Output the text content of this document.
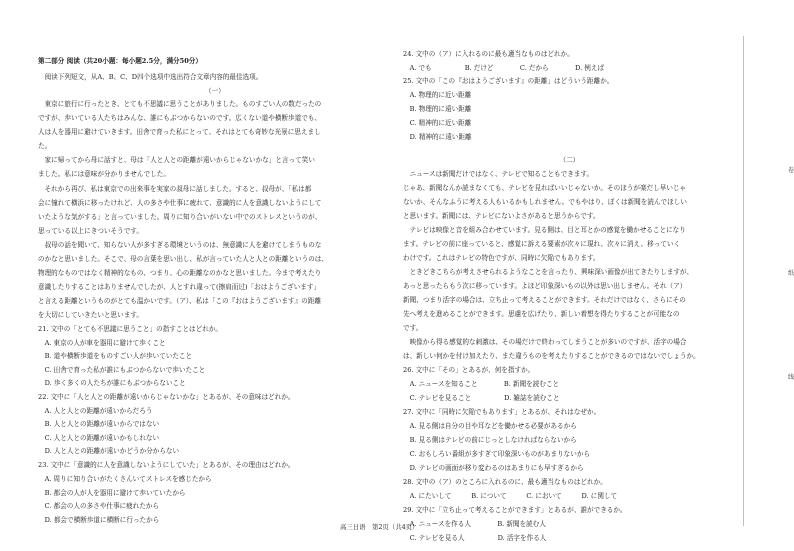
第二部分 阅读（共20小题：每小题2.5分，满分50分）
　阅读下列短文，从A、B、C、D四个选项中选出符合文章内容的最佳选项。
（一）
　東京に旅行に行ったとき、とても不思議に思うことがありました。ものすごい人の数だったの
ですが、歩いている人たちはみんな、誰にもぶつからないのです。広くない道や横断歩道でも、
人は人を器用に避けていきます。田舎で育った私にとって、それはとても奇妙な光景に思えまし
た。
　家に帰ってから母に話すと、母は「人と人との距離が遠いからじゃないかな」と言って笑い
ました。私には意味が分かりませんでした。
　それから再び、私は東京での出来事を実家の叔母に話しました。すると、叔母が、「私は都
会に憧れて横浜に移ったけれど、人の多さや仕事に疲れて、意識的に人を意識しないようにして
いたような気がする」と言っていました。周りに知り合いがいない中でのストレスというのが、
思っている以上にきついそうです。
　叔母の話を聞いて、知らない人が多すぎる環境というのは、無意識に人を避けてしまうものな
のかなと思いました。そこで、母の言葉を思い出し、私が言っていた人と人との距離というのは、
物理的なものではなく精神的なもの、つまり、心の距離なのかなと思いました。今まで考えたり
意識したりすることはありませんでしたが、人とすれ違って(擦肩而过)「おはようございます」
と言える距離というものがとても温かいです。（ア）、私は「この『おはようございます』の距離
を大切にしていきたいと思います。
21. 文中の「とても不思議に思うこと」の指すことはどれか。
　A. 東京の人が車を器用に避けて歩くこと
　B. 道や横断歩道をものすごい人が歩いていたこと
　C. 田舎で育った私が誰にもぶつからないで歩いたこと
　D. 歩く多くの人たちが誰にもぶつからないこと
22. 文中に「人と人との距離が遠いからじゃないかな」とあるが、その意味はどれか。
　A. 人と人との距離が遠いからだろう
　B. 人と人との距離が遠いからではない
　C. 人と人との距離が遠いかもしれない
　D. 人と人との距離が遠いかどうか分からない
23. 文中に「意識的に人を意識しないようにしていた」とあるが、その理由はどれか。
　A. 周りに知り合いがたくさんいてストレスを感じたから
　B. 都会の人が人を器用に避けて歩いていたから
　C. 都会の人の多さや仕事に疲れたから
　D. 都会で横断歩道に横断に行ったから
24. 文中の（ア）に入れるのに最も適当なものはどれか。
　A. でも　　　　　B. だけど　　　　C. だから　　　　D. 例えば
25. 文中の「この『おはようございます』の距離」はどういう距離か。
　A. 物理的に近い距離
　B. 物理的に遠い距離
　C. 精神的に近い距離
　D. 精神的に遠い距離
（二）
　ニュースは新聞だけではなく、テレビで知ることもできます。
じゃあ、新聞なんか読まなくても、テレビを見ればいいじゃないか。そのほうが楽だし早いじゃ
ないか、そんなふうに考える人もいるかもしれません。でもやはり、ぼくは新聞を読んでほしい
と思います。新聞には、テレビにないよさがあると思うからです。
　テレビは映像と音を組み合わせています。見る側は、目と耳とかの感覚を働かせることになり
ます。テレビの前に座っていると、感覚に訴える要素が次々に現れ、次々に消え、移っていく
わけです。これはテレビの特色ですが、同時に欠陥でもあります。
　ときどきこちらが考えさせられるようなことを言ったり、興味深い画像が出てきたりしますが、
あっと思ったらもう次に移っています。よほど印象深いもの以外は思い出しません。それ（ア）
新聞、つまり活字の場合は、立ち止って考えることができます。それだけではなく、さらにその
先へ考えを進めることができます。思慮を広げたり、新しい着想を得たりすることが可能なの
です。
　映像から得る感覚的な刺激は、その場だけで終わってしまうことが多いのですが、活字の場合
は、新しい何かを付け加えたり、また違うものを考えたりすることができるのではないでしょうか。
26. 文中に「その」とあるが、何を指すか。
　A. ニュースを知ること　　　　B. 新聞を読むこと
　C. テレビを見ること　　　　　D. 雑誌を読むこと
27. 文中に「同時に欠陥でもあります」とあるが、それはなぜか。
　A. 見る側は自分の目や耳などを働かせる必要があるから
　B. 見る側はテレビの前にじっとしなければならないから
　C. おもしろい番組が多すぎて印象深いものがあまりないから
　D. テレビの画面が移り変わるのはあまりにも早すぎるから
28. 文中の（ア）のところに入れるのに、最も適当なものはどれか。
　A. にたいして　　　B. について　　　C. において　　　D. に関して
29. 文中に「立ち止って考えることができます」とあるが、誰ができるか。
　A. ニュースを作る人　　　　B. 新聞を読む人
　C. テレビを見る人　　　　　D. 活字を作る人
卷
纸
线
高三日语　第2页（共4页）
